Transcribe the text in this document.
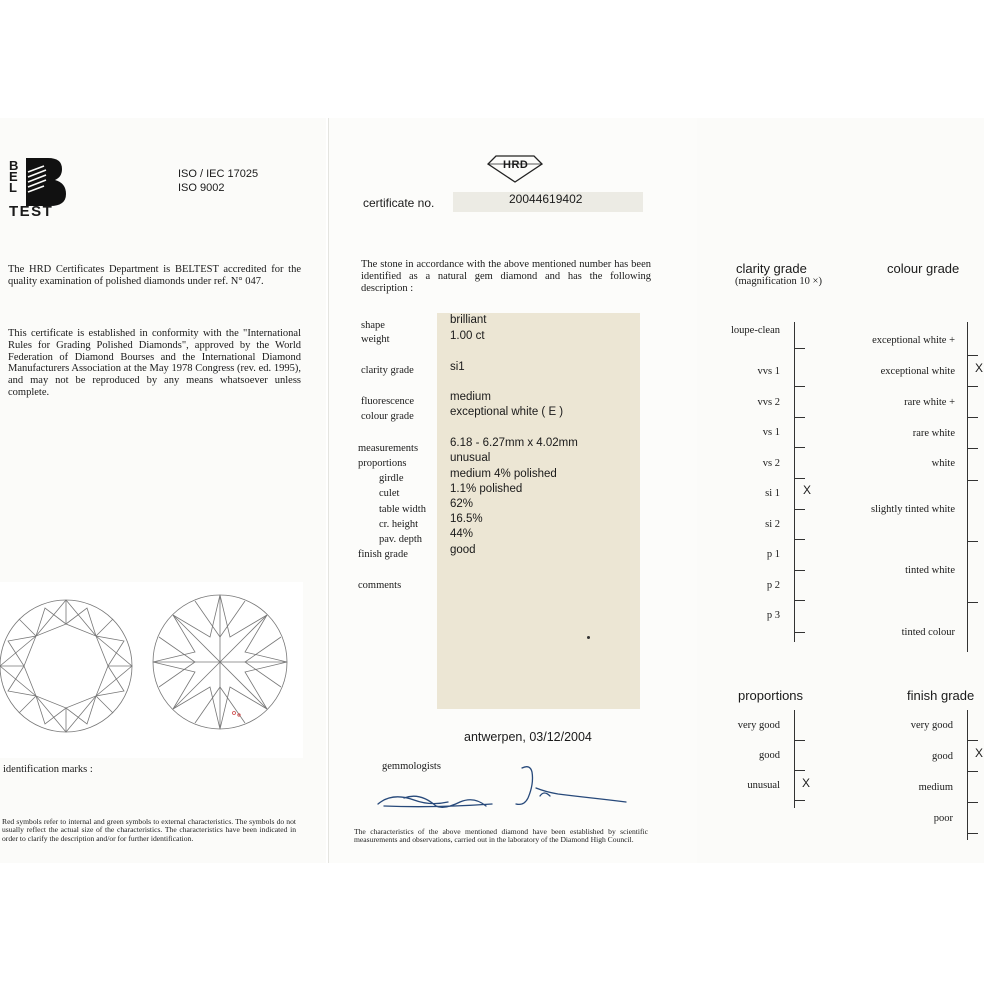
B
E
L
TEST
ISO / IEC 17025
ISO 9002
The HRD Certificates Department is BELTEST accredited for the quality examination of polished diamonds under ref. N° 047.
This certificate is established in conformity with the "International Rules for Grading Polished Diamonds", approved by the World Federation of Diamond Bourses and the International Diamond Manufacturers Association at the May 1978 Congress (rev. ed. 1995), and may not be reproduced by any means whatsoever unless complete.
identification marks :
Red symbols refer to internal and green symbols to external characteristics. The symbols do not usually reflect the actual size of the characteristics. The characteristics have been indicated in order to clarify the description and/or for further identification.
HRD
certificate no.	20044619402
The stone in accordance with the above mentioned number has been identified as a natural gem diamond and has the following description :
shape
weight
clarity grade
fluorescence
colour grade
measurements
proportions
girdle
culet
table width
cr. height
pav. depth
finish grade
comments
brilliant
1.00 ct
si1
medium
exceptional white ( E )
6.18 - 6.27mm x 4.02mm
unusual
medium 4% polished
1.1% polished
62%
16.5%
44%
good
antwerpen, 03/12/2004
gemmologists
The characteristics of the above mentioned diamond have been established by scientific measurements and observations, carried out in the laboratory of the Diamond High Council.
clarity grade
(magnification 10 ×)
colour grade
loupe-clean
vvs 1
vvs 2
vs 1
vs 2
si 1 X
si 2
p 1
p 2
p 3
exceptional white +
exceptional white X
rare white +
rare white
white
slightly tinted white
tinted white
tinted colour
proportions
very good
good
unusual X
finish grade
very good
good X
medium
poor
